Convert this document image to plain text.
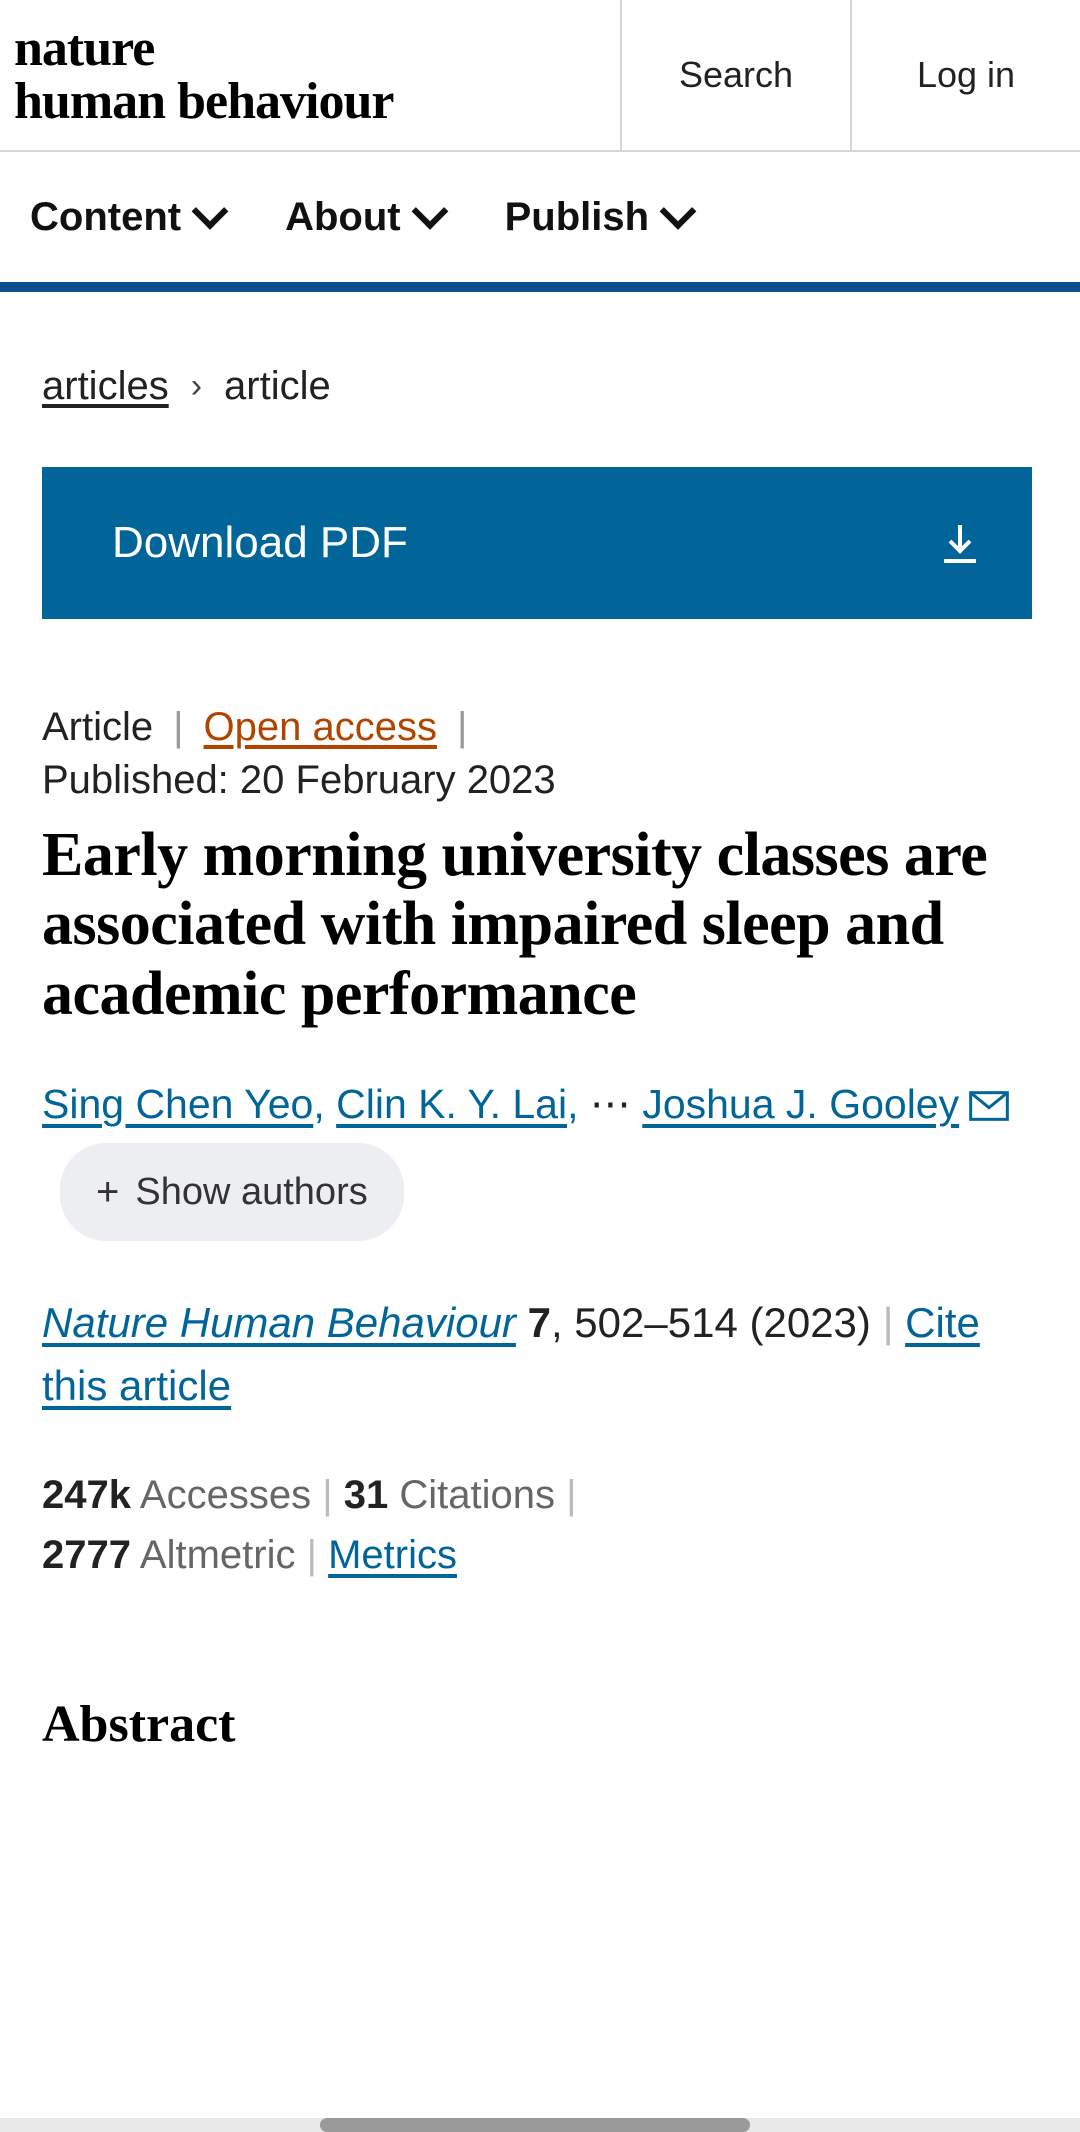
nature
human behaviour	Search	Log in
Content	About	Publish
articles › article
Download PDF
Article | Open access |
Published: 20 February 2023
Early morning university classes are associated with impaired sleep and academic performance
Sing Chen Yeo, Clin K. Y. Lai, ⋯ Joshua J. Gooley
+ Show authors
Nature Human Behaviour 7, 502–514 (2023) | Cite this article
247k Accesses | 31 Citations |
2777 Altmetric | Metrics
Abstract
